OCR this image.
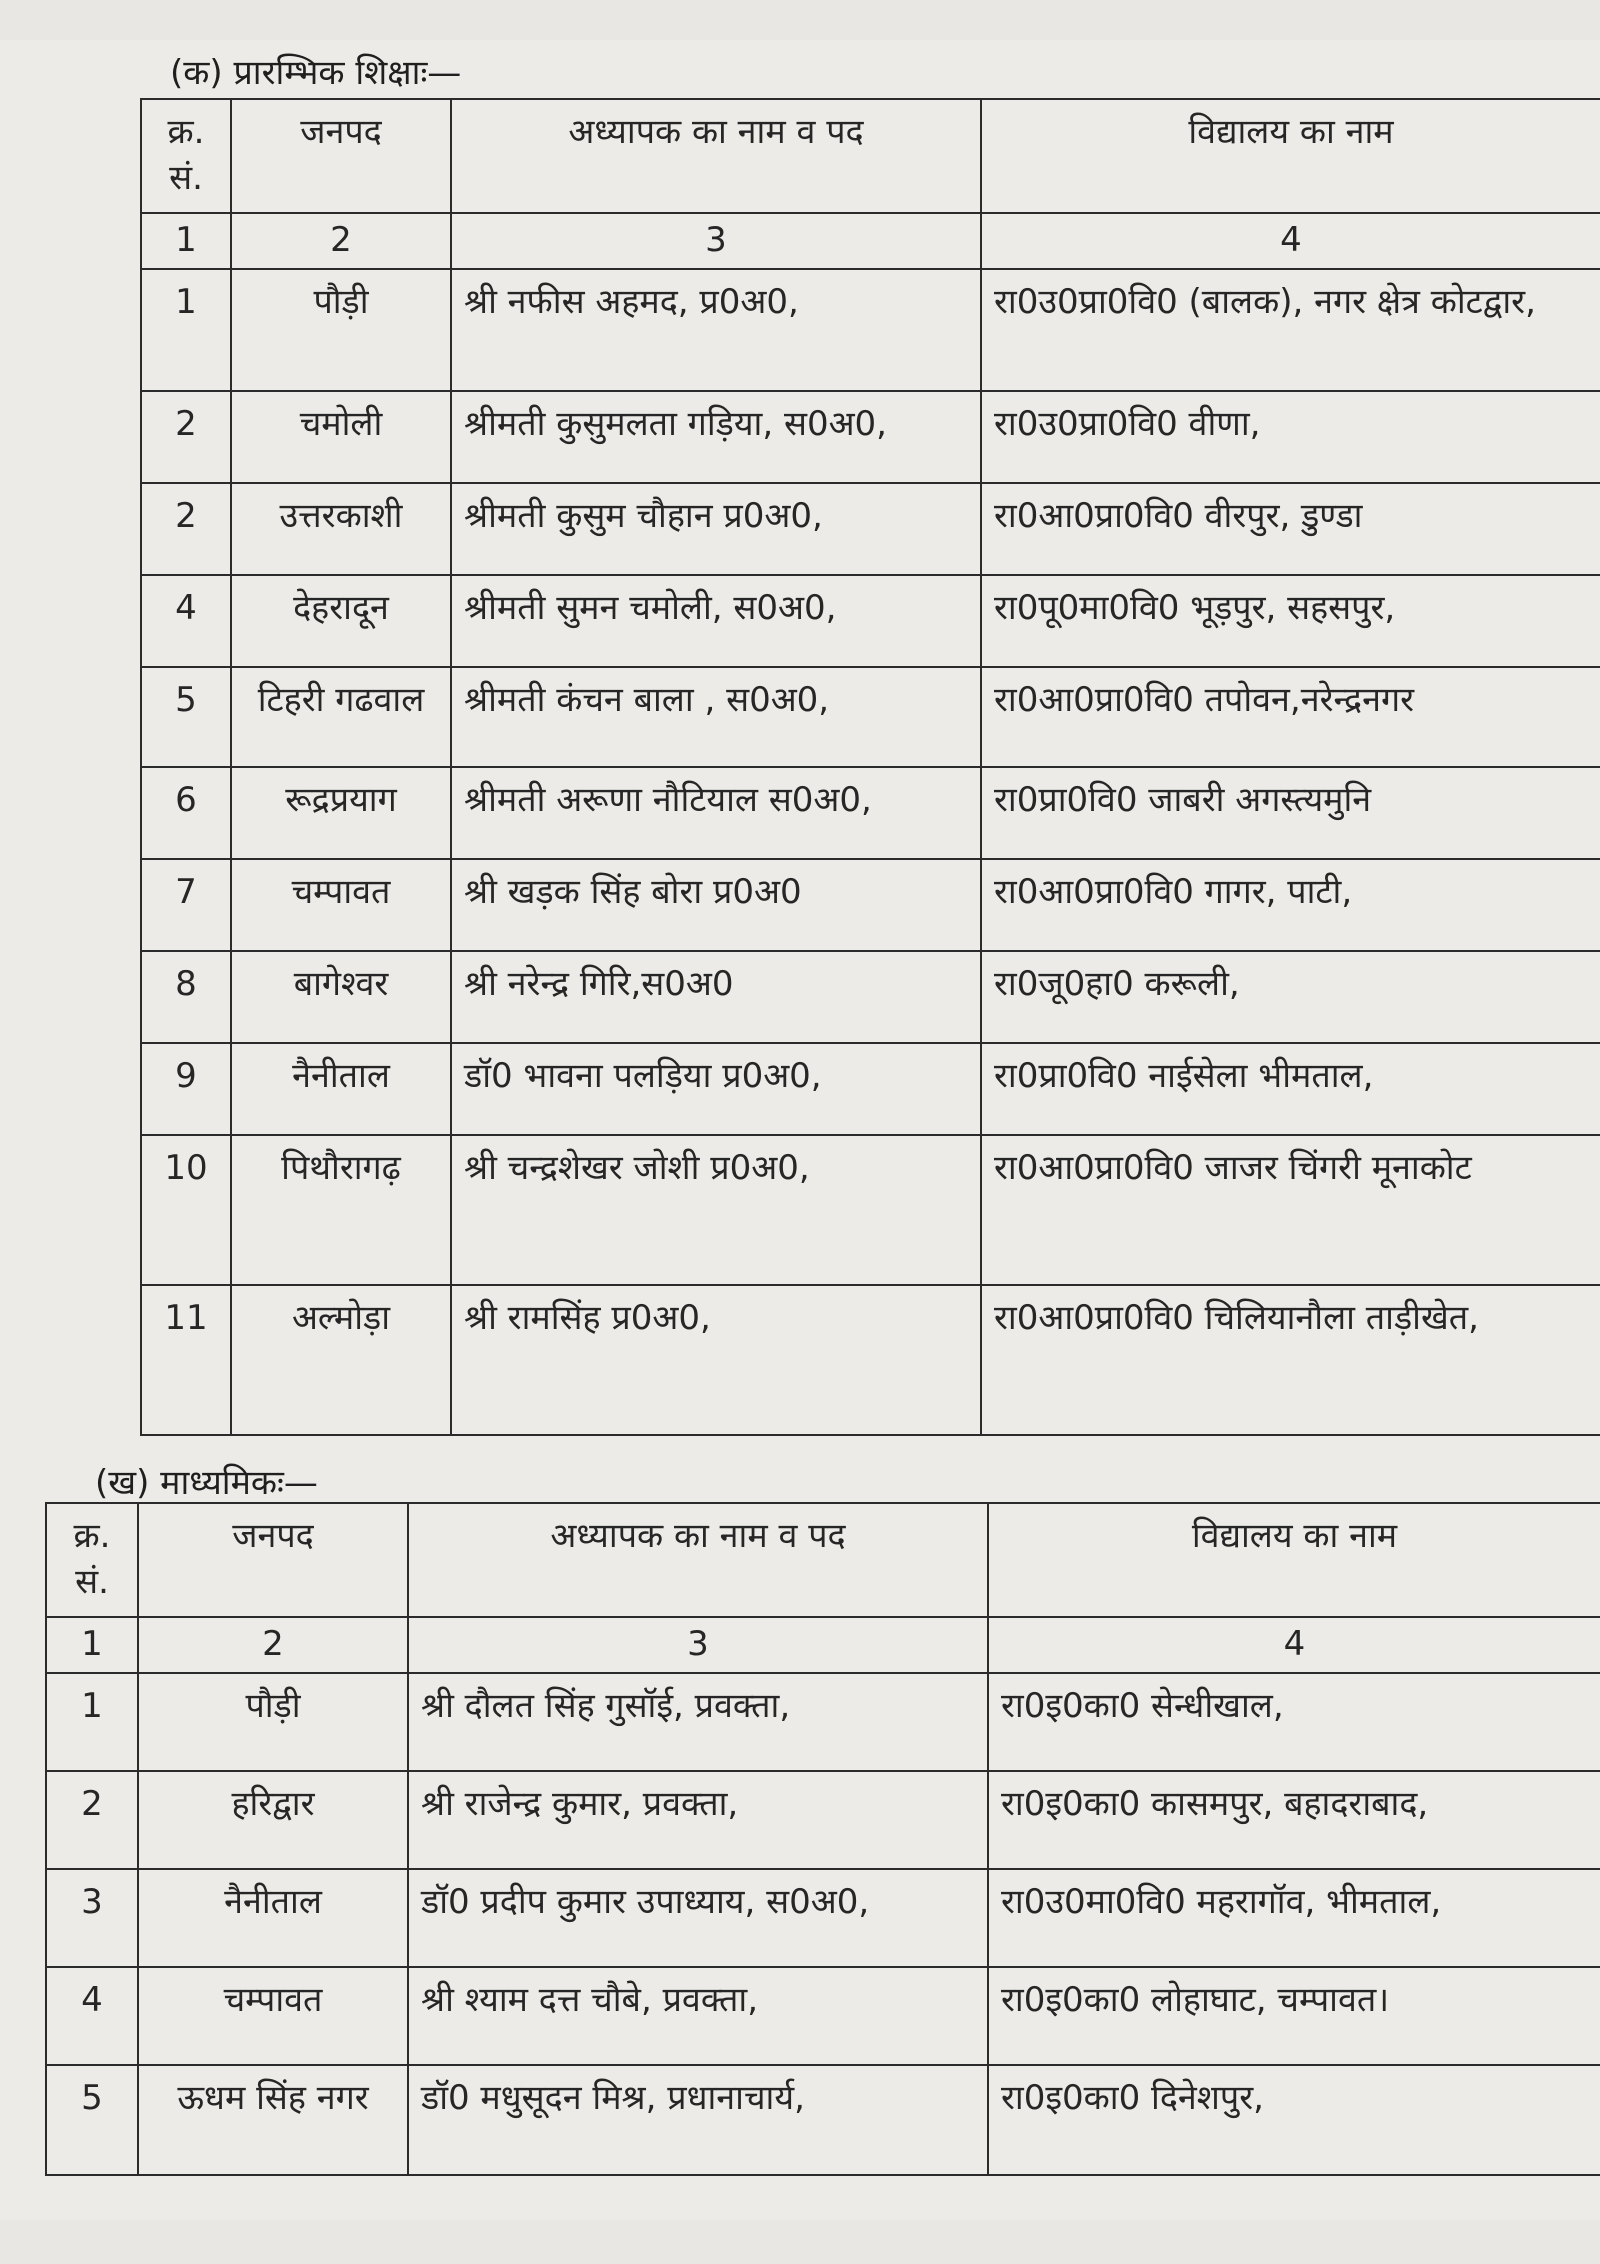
(क) प्रारम्भिक शिक्षाः—
क्र. सं.	जनपद	अध्यापक का नाम व पद	विद्यालय का नाम
1	2	3	4
1	पौड़ी	श्री नफीस अहमद, प्र0अ0,	रा0उ0प्रा0वि0 (बालक), नगर क्षेत्र कोटद्वार,
2	चमोली	श्रीमती कुसुमलता गड़िया, स0अ0,	रा0उ0प्रा0वि0 वीणा,
2	उत्तरकाशी	श्रीमती कुसुम चौहान प्र0अ0,	रा0आ0प्रा0वि0 वीरपुर, डुण्डा
4	देहरादून	श्रीमती सुमन चमोली, स0अ0,	रा0पू0मा0वि0 भूड़पुर, सहसपुर,
5	टिहरी गढवाल	श्रीमती कंचन बाला , स0अ0,	रा0आ0प्रा0वि0 तपोवन,नरेन्द्रनगर
6	रूद्रप्रयाग	श्रीमती अरूणा नौटियाल स0अ0,	रा0प्रा0वि0 जाबरी अगस्त्यमुनि
7	चम्पावत	श्री खड़क सिंह बोरा प्र0अ0	रा0आ0प्रा0वि0 गागर, पाटी,
8	बागेश्वर	श्री नरेन्द्र गिरि,स0अ0	रा0जू0हा0 करूली,
9	नैनीताल	डॉ0 भावना पलड़िया प्र0अ0,	रा0प्रा0वि0 नाईसेला भीमताल,
10	पिथौरागढ़	श्री चन्द्रशेखर जोशी प्र0अ0,	रा0आ0प्रा0वि0 जाजर चिंगरी मूनाकोट
11	अल्मोड़ा	श्री रामसिंह प्र0अ0,	रा0आ0प्रा0वि0 चिलियानौला ताड़ीखेत,
(ख) माध्यमिकः—
क्र. सं.	जनपद	अध्यापक का नाम व पद	विद्यालय का नाम
1	2	3	4
1	पौड़ी	श्री दौलत सिंह गुसॉई, प्रवक्ता,	रा0इ0का0 सेन्धीखाल,
2	हरिद्वार	श्री राजेन्द्र कुमार, प्रवक्ता,	रा0इ0का0 कासमपुर, बहादराबाद,
3	नैनीताल	डॉ0 प्रदीप कुमार उपाध्याय, स0अ0,	रा0उ0मा0वि0 महरागॉव, भीमताल,
4	चम्पावत	श्री श्याम दत्त चौबे, प्रवक्ता,	रा0इ0का0 लोहाघाट, चम्पावत।
5	ऊधम सिंह नगर	डॉ0 मधुसूदन मिश्र, प्रधानाचार्य,	रा0इ0का0 दिनेशपुर,
